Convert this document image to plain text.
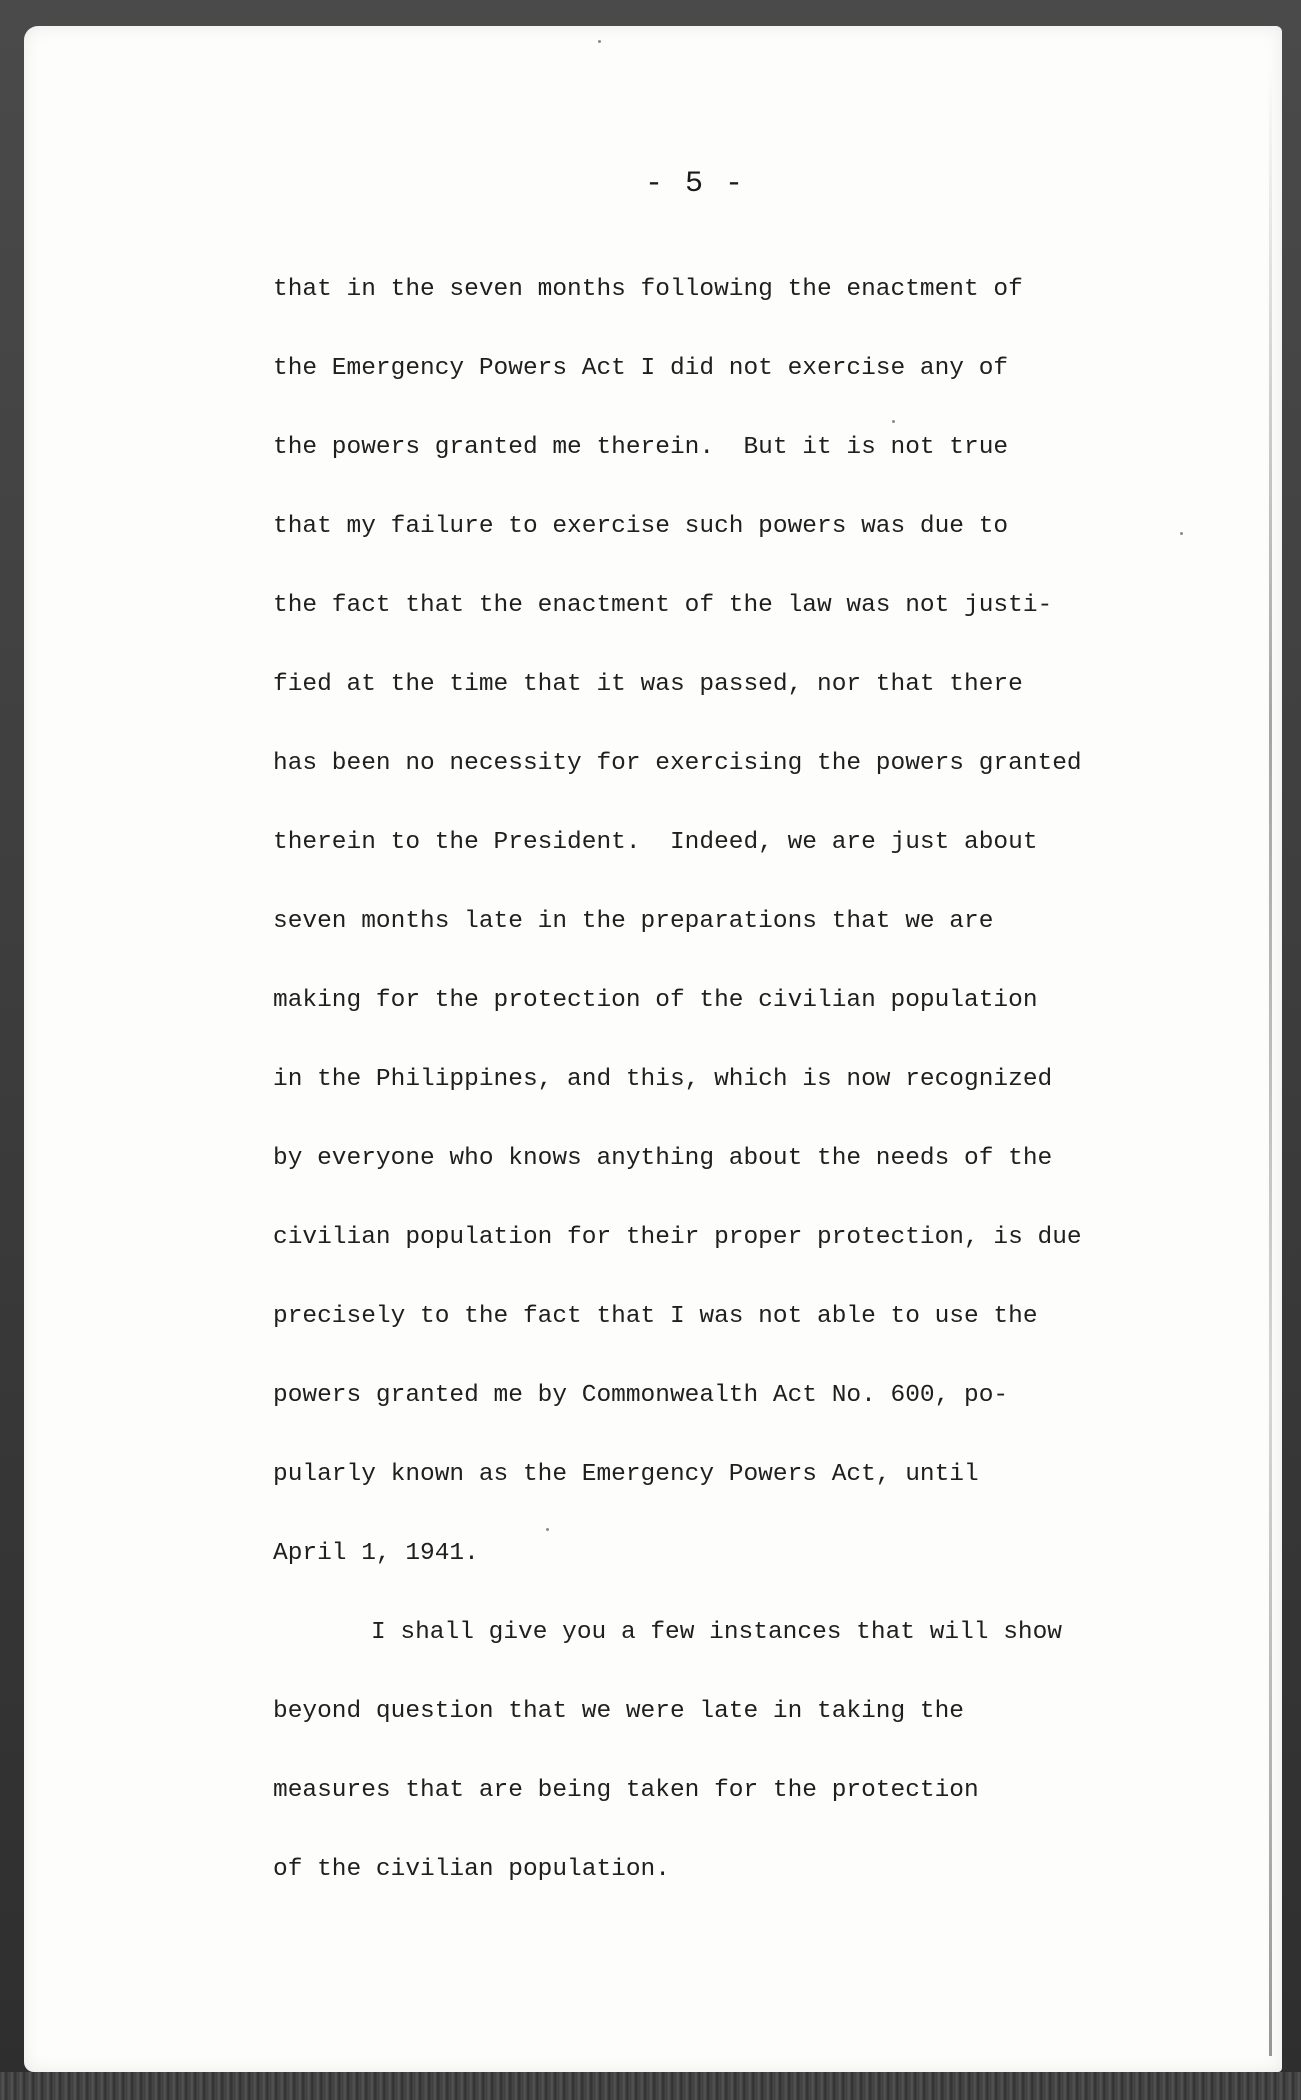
- 5 -
that in the seven months following the enactment of
the Emergency Powers Act I did not exercise any of
the powers granted me therein.  But it is not true
that my failure to exercise such powers was due to
the fact that the enactment of the law was not justi-
fied at the time that it was passed, nor that there
has been no necessity for exercising the powers granted
therein to the President.  Indeed, we are just about
seven months late in the preparations that we are
making for the protection of the civilian population
in the Philippines, and this, which is now recognized
by everyone who knows anything about the needs of the
civilian population for their proper protection, is due
precisely to the fact that I was not able to use the
powers granted me by Commonwealth Act No. 600, po-
pularly known as the Emergency Powers Act, until
April 1, 1941.
I shall give you a few instances that will show
beyond question that we were late in taking the
measures that are being taken for the protection
of the civilian population.
